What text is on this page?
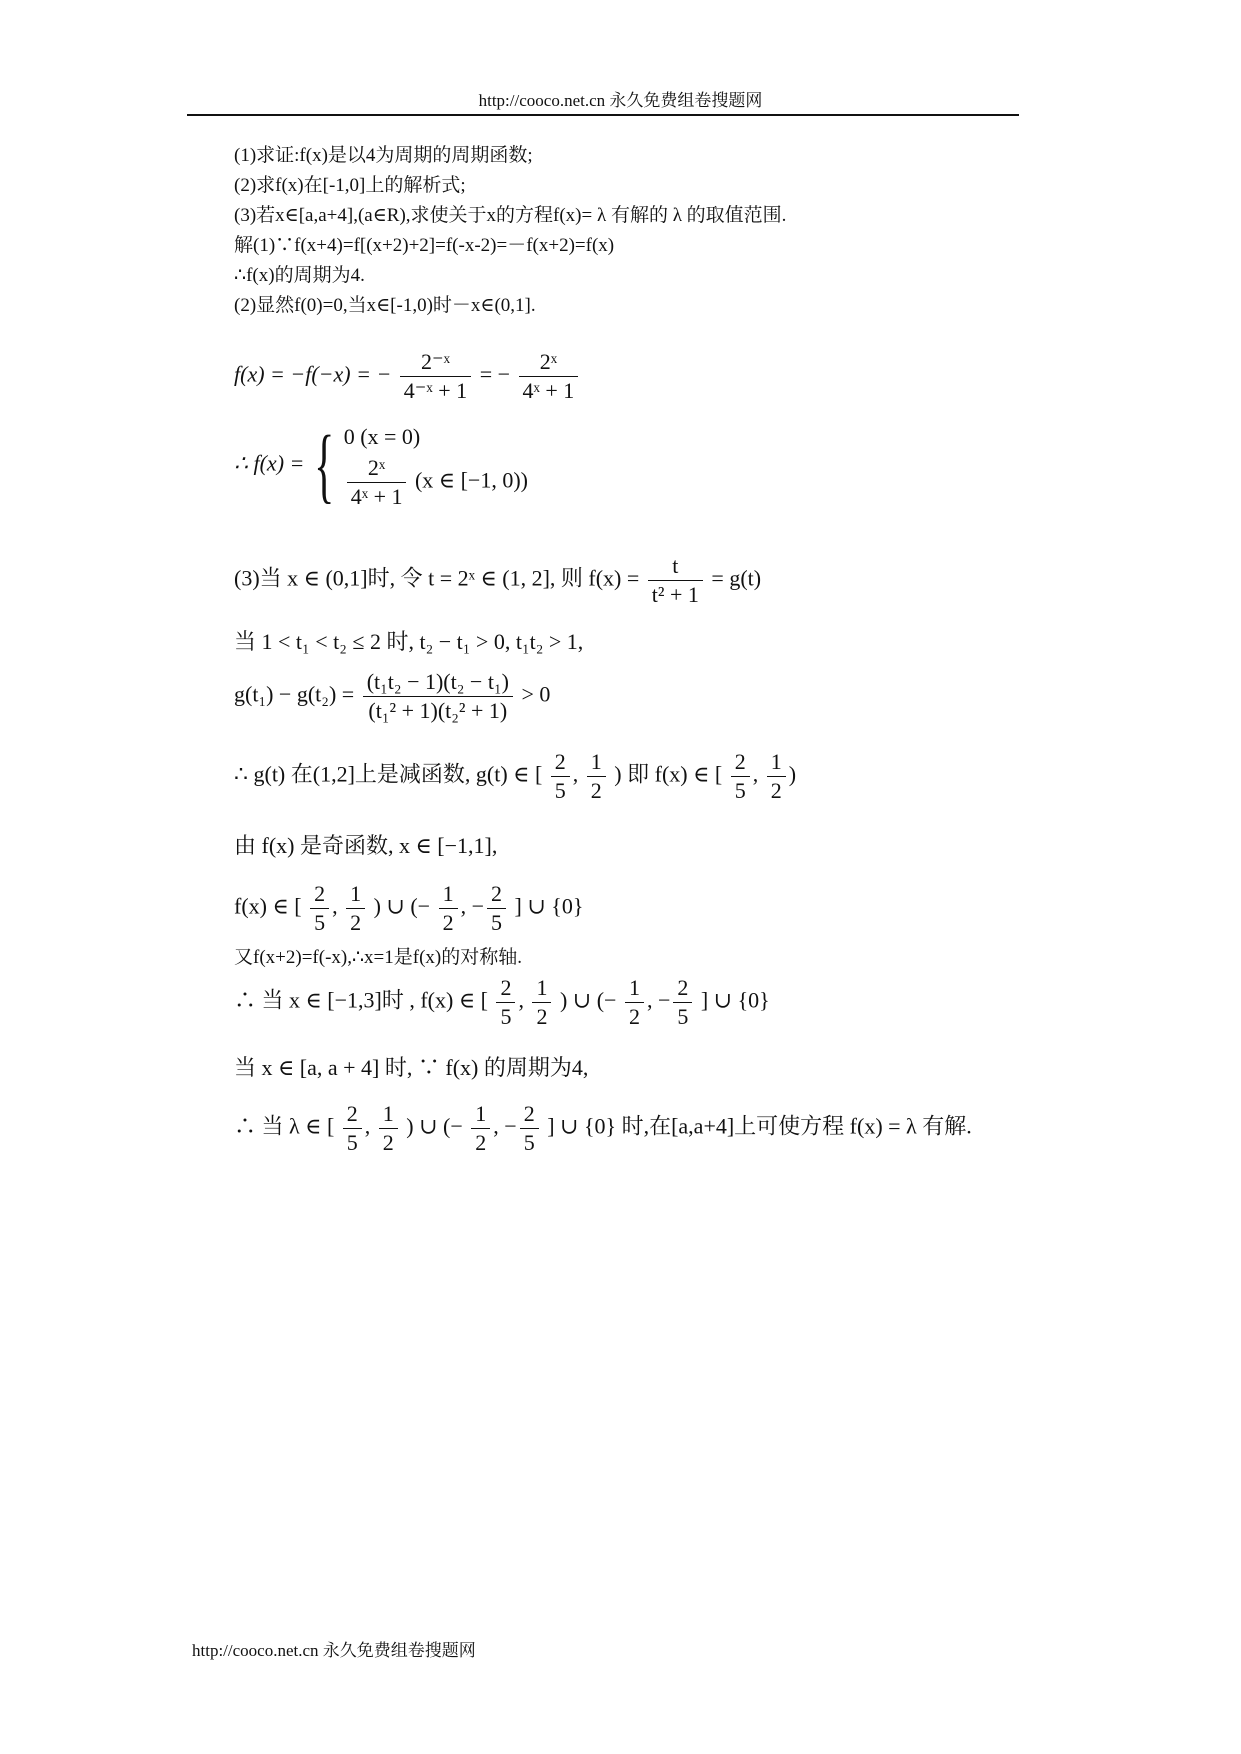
http://cooco.net.cn 永久免费组卷搜题网
(1)求证:f(x)是以4为周期的周期函数;
(2)求f(x)在[-1,0]上的解析式;
(3)若x∈[a,a+4],(a∈R),求使关于x的方程f(x)= λ 有解的 λ 的取值范围.
解(1)∵f(x+4)=f[(x+2)+2]=f(-x-2)=－f(x+2)=f(x)
∴f(x)的周期为4.
(2)显然f(0)=0,当x∈[-1,0)时－x∈(0,1].
f(x) = −f(−x) = − $\frac{\text{2⁻ˣ}}{\text{4⁻ˣ + 1}}$ = − $\frac{\text{2ˣ}}{\text{4ˣ + 1}}$
∴ f(x) = { 0 (x = 0)
$\frac{\text{2ˣ}}{\text{4ˣ + 1}} (x$ ∈ [−1, 0))
(3)当 x ∈ (0,1]时, 令 t = 2ˣ ∈ (1, 2], 则 $f(x) = \frac{t}{\text{t² + 1}} = g(t)$
当 1 < t₁ < t₂ ≤ 2 时, t₂ − t₁ > 0, t₁t₂ > 1,
$g(t_1) - g(t_2) = \frac{\text{(t₁t₂ − 1)(t₂ − t₁)}}{\text{(t₁² + 1)(t₂² + 1)}} > 0$
∴ g(t) 在(1,2]上是减函数, g(t) ∈ [ $\frac{2}{5}$ , $\frac{1}{2}$ ) 即 f(x) ∈ [ $\frac{2}{5}$ , $\frac{1}{2}$ )
由 f(x) 是奇函数, x ∈ [−1,1],
f(x) ∈ [ $\frac{2}{5}$ , $\frac{1}{2}$ ) ∪ (− $\frac{1}{2}$ , − $\frac{2}{5}$ ] ∪ {0}
又f(x+2)=f(-x),∴x=1是f(x)的对称轴.
∴ 当 x ∈ [−1,3]时 , f(x) ∈ [ $\frac{2}{5}$ , $\frac{1}{2}$ ) ∪ (− $\frac{1}{2}$ , − $\frac{2}{5}$ ] ∪ {0}
当 x ∈ [a, a + 4] 时, ∵ f(x) 的周期为4,
∴ 当 λ ∈ [ $\frac{2}{5}$ , $\frac{1}{2}$ ) ∪ (− $\frac{1}{2}$ , − $\frac{2}{5}$ ] ∪ {0} 时,在[a,a+4]上可使方程 f(x) = λ 有解.
http://cooco.net.cn 永久免费组卷搜题网
